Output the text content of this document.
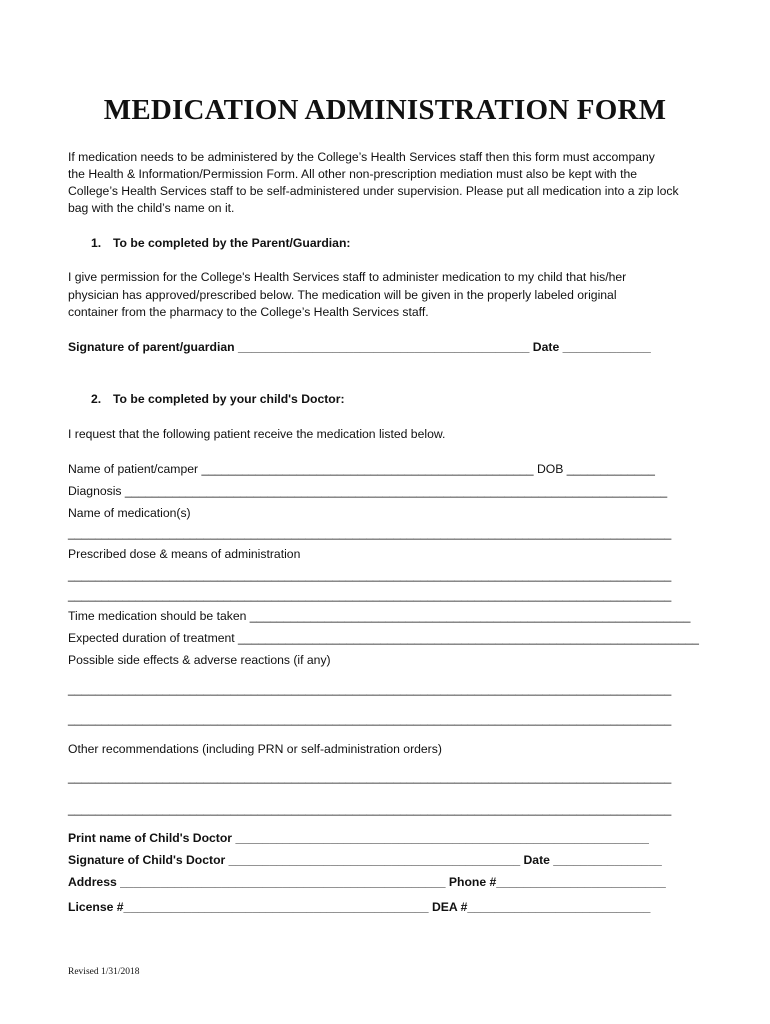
MEDICATION ADMINISTRATION FORM

If medication needs to be administered by the College’s Health Services staff then this form must accompany

the Health & Information/Permission Form. All other non-prescription mediation must also be kept with the

College’s Health Services staff to be self-administered under supervision. Please put all medication into a zip lock

bag with the child’s name on it.

1. To be completed by the Parent/Guardian:

I give permission for the College's Health Services staff to administer medication to my child that his/her

physician has approved/prescribed below. The medication will be given in the properly labeled original

container from the pharmacy to the College’s Health Services staff.

Signature of parent/guardian ___________________________________________ Date _____________

2. To be completed by your child's Doctor:

I request that the following patient receive the medication listed below.

Name of patient/camper _________________________________________________ DOB _____________

Diagnosis ________________________________________________________________________________

Name of medication(s)

_________________________________________________________________________________________

Prescribed dose & means of administration

_________________________________________________________________________________________

_________________________________________________________________________________________

Time medication should be taken _________________________________________________________________

Expected duration of treatment ____________________________________________________________________

Possible side effects & adverse reactions (if any)

_________________________________________________________________________________________

_________________________________________________________________________________________

Other recommendations (including PRN or self-administration orders)

_________________________________________________________________________________________

_________________________________________________________________________________________

Print name of Child's Doctor _____________________________________________________________

Signature of Child's Doctor ___________________________________________ Date ________________

Address ________________________________________________ Phone #_________________________

License #_____________________________________________ DEA #___________________________

Revised 1/31/2018
